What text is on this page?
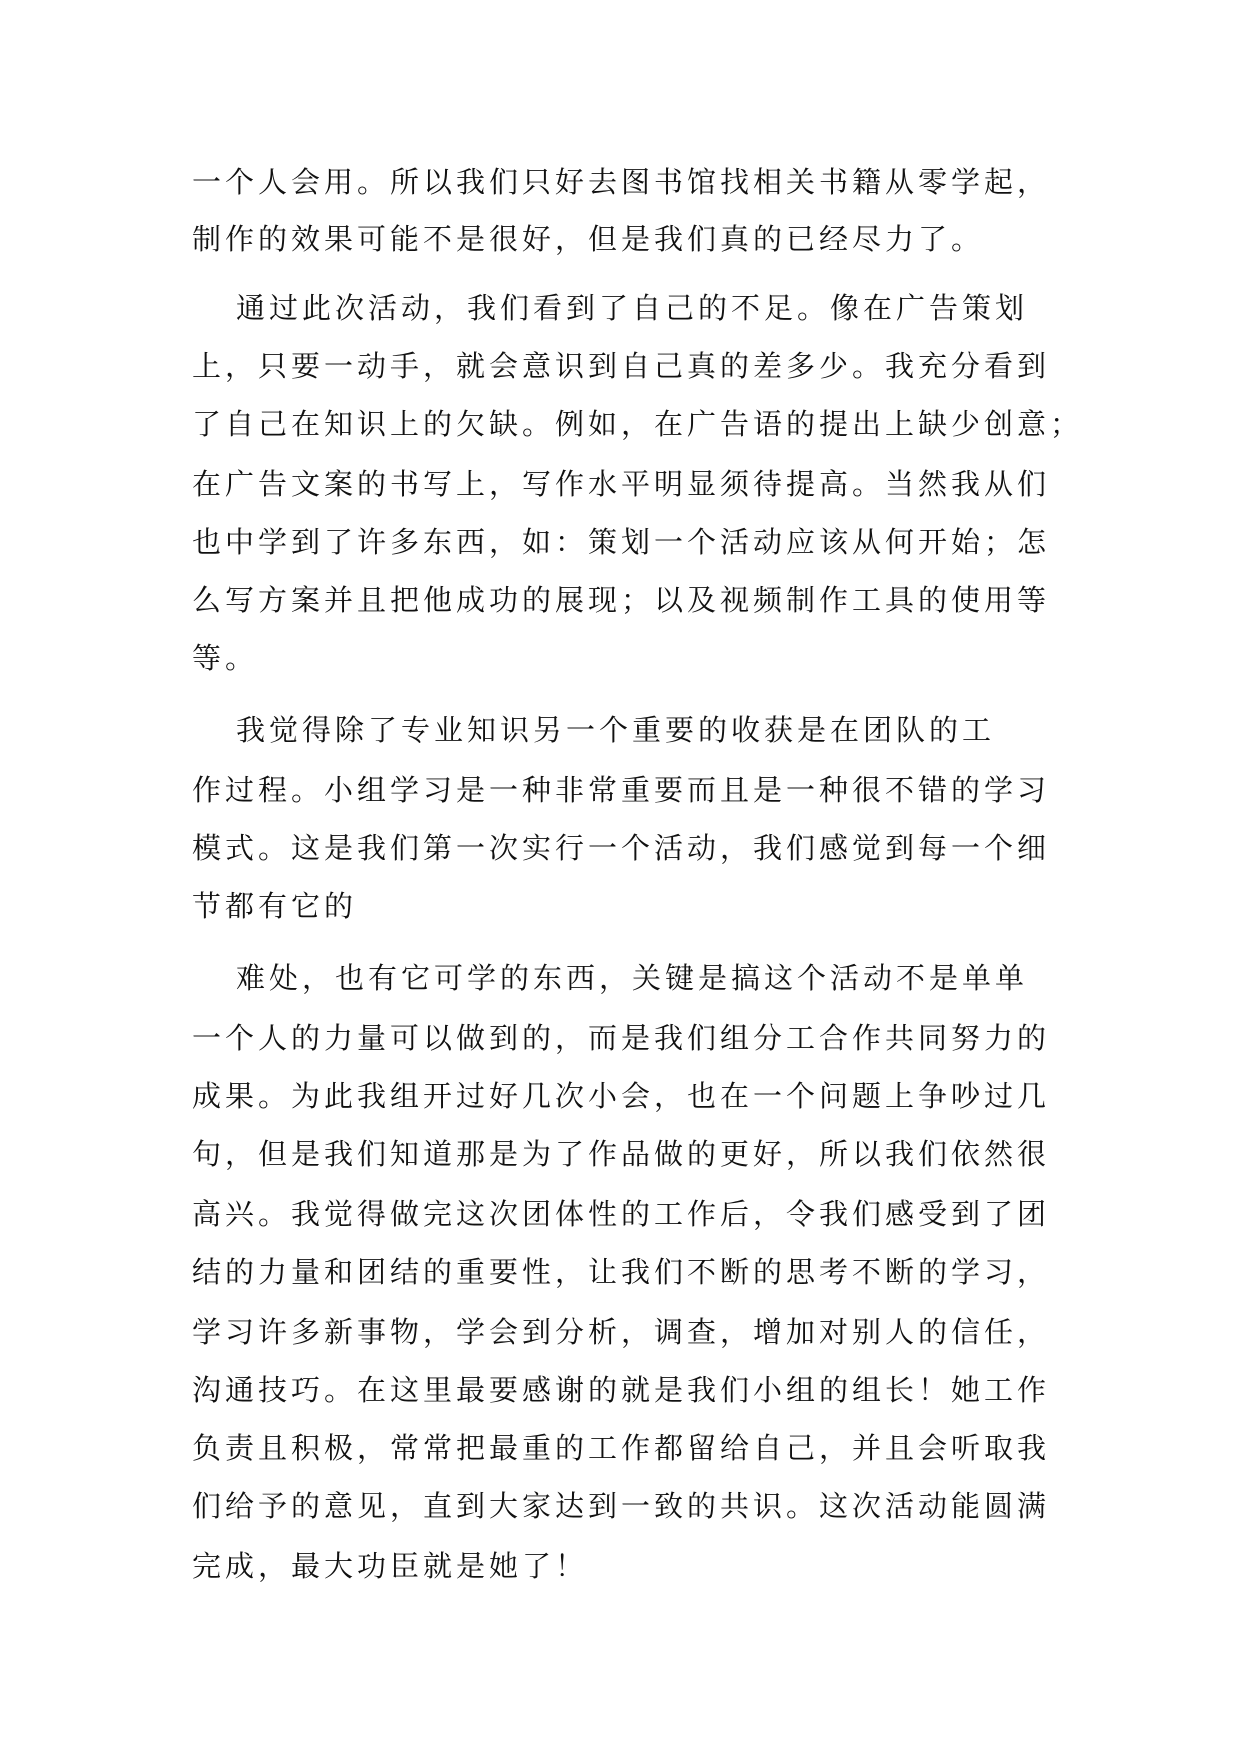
一个人会用。所以我们只好去图书馆找相关书籍从零学起，
制作的效果可能不是很好，但是我们真的已经尽力了。
通过此次活动，我们看到了自己的不足。像在广告策划
上，只要一动手，就会意识到自己真的差多少。我充分看到
了自己在知识上的欠缺。例如，在广告语的提出上缺少创意；
在广告文案的书写上，写作水平明显须待提高。当然我从们
也中学到了许多东西，如：策划一个活动应该从何开始；怎
么写方案并且把他成功的展现；以及视频制作工具的使用等
等。
我觉得除了专业知识另一个重要的收获是在团队的工
作过程。小组学习是一种非常重要而且是一种很不错的学习
模式。这是我们第一次实行一个活动，我们感觉到每一个细
节都有它的
难处，也有它可学的东西，关键是搞这个活动不是单单
一个人的力量可以做到的，而是我们组分工合作共同努力的
成果。为此我组开过好几次小会，也在一个问题上争吵过几
句，但是我们知道那是为了作品做的更好，所以我们依然很
高兴。我觉得做完这次团体性的工作后，令我们感受到了团
结的力量和团结的重要性，让我们不断的思考不断的学习，
学习许多新事物，学会到分析，调查，增加对别人的信任，
沟通技巧。在这里最要感谢的就是我们小组的组长！她工作
负责且积极，常常把最重的工作都留给自己，并且会听取我
们给予的意见，直到大家达到一致的共识。这次活动能圆满
完成，最大功臣就是她了！
